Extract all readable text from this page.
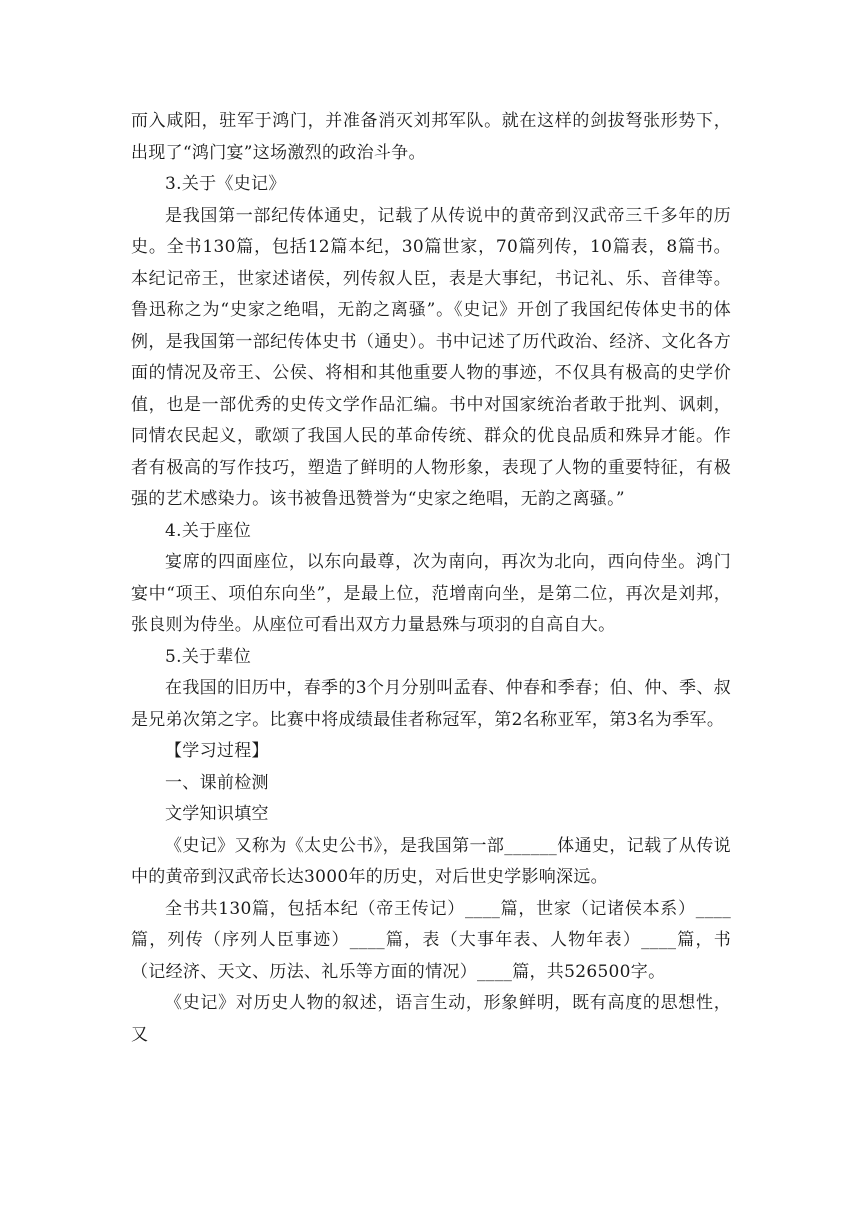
而入咸阳，驻军于鸿门，并准备消灭刘邦军队。就在这样的剑拔弩张形势下，出现了“鸿门宴”这场激烈的政治斗争。

3.关于《史记》

是我国第一部纪传体通史，记载了从传说中的黄帝到汉武帝三千多年的历史。全书130篇，包括12篇本纪，30篇世家，70篇列传，10篇表，8篇书。本纪记帝王，世家述诸侯，列传叙人臣，表是大事纪，书记礼、乐、音律等。鲁迅称之为“史家之绝唱，无韵之离骚”。《史记》开创了我国纪传体史书的体例，是我国第一部纪传体史书（通史）。书中记述了历代政治、经济、文化各方面的情况及帝王、公侯、将相和其他重要人物的事迹，不仅具有极高的史学价值，也是一部优秀的史传文学作品汇编。书中对国家统治者敢于批判、讽刺，同情农民起义，歌颂了我国人民的革命传统、群众的优良品质和殊异才能。作者有极高的写作技巧，塑造了鲜明的人物形象，表现了人物的重要特征，有极强的艺术感染力。该书被鲁迅赞誉为“史家之绝唱，无韵之离骚。”

4.关于座位

宴席的四面座位，以东向最尊，次为南向，再次为北向，西向侍坐。鸿门宴中“项王、项伯东向坐”，是最上位，范增南向坐，是第二位，再次是刘邦，张良则为侍坐。从座位可看出双方力量悬殊与项羽的自高自大。

5.关于辈位

在我国的旧历中，春季的3个月分别叫孟春、仲春和季春；伯、仲、季、叔是兄弟次第之字。比赛中将成绩最佳者称冠军，第2名称亚军，第3名为季军。

【学习过程】

一、课前检测

文学知识填空

《史记》又称为《太史公书》，是我国第一部______体通史，记载了从传说中的黄帝到汉武帝长达3000年的历史，对后世史学影响深远。

全书共130篇，包括本纪（帝王传记）____篇，世家（记诸侯本系）____篇，列传（序列人臣事迹）____篇，表（大事年表、人物年表）____篇，书（记经济、天文、历法、礼乐等方面的情况）____篇，共526500字。

《史记》对历史人物的叙述，语言生动，形象鲜明，既有高度的思想性，又
